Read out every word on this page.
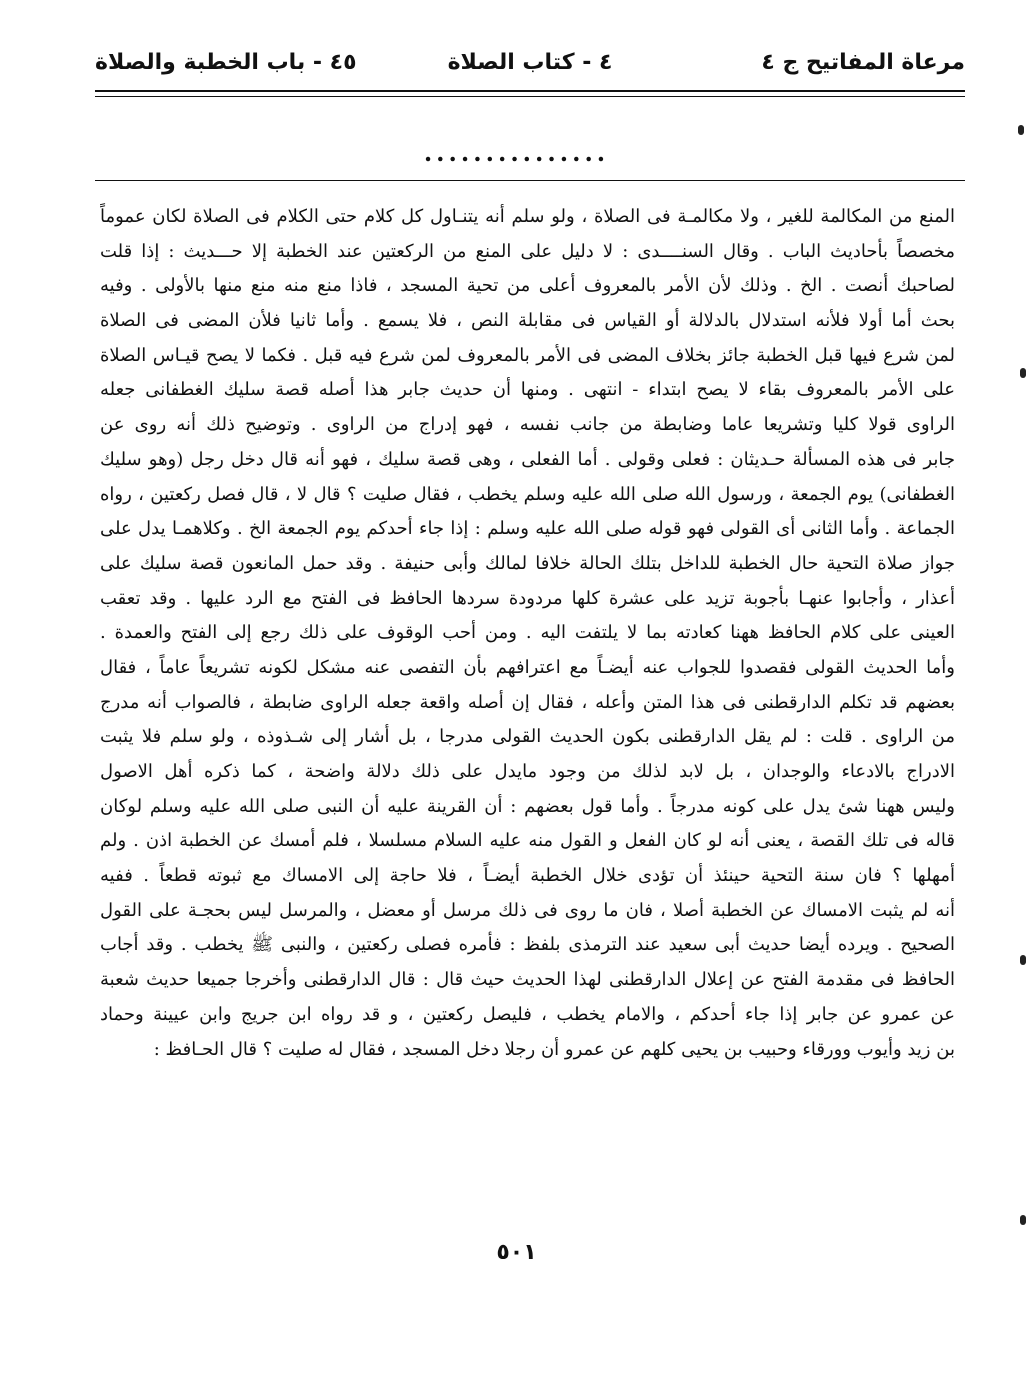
مرعاة المفاتيح ج ٤
٤ - كتاب الصلاة
٤٥ - باب الخطبة والصلاة
...............
المنع من المكالمة للغير ، ولا مكالمـة فى الصلاة ، ولو سلم أنه يتنـاول كل كلام حتى الكلام فى الصلاة لكان عموماً
مخصصاً بأحاديث الباب . وقال السنــــدى : لا دليل على المنع من الركعتين عند الخطبة إلا حـــديث : إذا قلت
لصاحبك أنصت . الخ . وذلك لأن الأمر بالمعروف أعلى من تحية المسجد ، فاذا منع منه منع منها بالأولى . وفيه
بحث أما أولا فلأنه استدلال بالدلالة أو القياس فى مقابلة النص ، فلا يسمع . وأما ثانيا فلأن المضى فى الصلاة
لمن شرع فيها قبل الخطبة جائز بخلاف المضى فى الأمر بالمعروف لمن شرع فيه قبل . فكما لا يصح قيـاس الصلاة
على الأمر بالمعروف بقاء لا يصح ابتداء - انتهى . ومنها أن حديث جابر هذا أصله قصة سليك الغطفانى جعله
الراوى قولا كليا وتشريعا عاما وضابطة من جانب نفسه ، فهو إدراج من الراوى . وتوضيح ذلك أنه روى عن
جابر فى هذه المسألة حـديثان : فعلى وقولى . أما الفعلى ، وهى قصة سليك ، فهو أنه قال دخل رجل (وهو سليك
الغطفانى) يوم الجمعة ، ورسول الله صلى الله عليه وسلم يخطب ، فقال صليت ؟ قال لا ، قال فصل ركعتين ، رواه
الجماعة . وأما الثانى أى القولى فهو قوله صلى الله عليه وسلم : إذا جاء أحدكم يوم الجمعة الخ . وكلاهمـا يدل على
جواز صلاة التحية حال الخطبة للداخل بتلك الحالة خلافا لمالك وأبى حنيفة . وقد حمل المانعون قصة سليك على
أعذار ، وأجابوا عنهـا بأجوبة تزيد على عشرة كلها مردودة سردها الحافظ فى الفتح مع الرد عليها . وقد تعقب
العينى على كلام الحافظ ههنا كعادته بما لا يلتفت اليه . ومن أحب الوقوف على ذلك رجع إلى الفتح والعمدة .
وأما الحديث القولى فقصدوا للجواب عنه أيضـاً مع اعترافهم بأن التفصى عنه مشكل لكونه تشريعاً عاماً ، فقال
بعضهم قد تكلم الدارقطنى فى هذا المتن وأعله ، فقال إن أصله واقعة جعله الراوى ضابطة ، فالصواب أنه مدرج
من الراوى . قلت : لم يقل الدارقطنى بكون الحديث القولى مدرجا ، بل أشار إلى شـذوذه ، ولو سلم فلا يثبت
الادراج بالادعاء والوجدان ، بل لابد لذلك من وجود مايدل على ذلك دلالة واضحة ، كما ذكره أهل الاصول
وليس ههنا شئ يدل على كونه مدرجاً . وأما قول بعضهم : أن القرينة عليه أن النبى صلى الله عليه وسلم لوكان
قاله فى تلك القصة ، يعنى أنه لو كان الفعل و القول منه عليه السلام مسلسلا ، فلم أمسك عن الخطبة اذن . ولم
أمهلها ؟ فان سنة التحية حينئذ أن تؤدى خلال الخطبة أيضـاً ، فلا حاجة إلى الامساك مع ثبوته قطعاً . ففيه
أنه لم يثبت الامساك عن الخطبة أصلا ، فان ما روى فى ذلك مرسل أو معضل ، والمرسل ليس بحجـة على القول
الصحيح . ويرده أيضا حديث أبى سعيد عند الترمذى بلفظ : فأمره فصلى ركعتين ، والنبى ﷺ يخطب . وقد أجاب
الحافظ فى مقدمة الفتح عن إعلال الدارقطنى لهذا الحديث حيث قال : قال الدارقطنى وأخرجا جميعا حديث شعبة
عن عمرو عن جابر إذا جاء أحدكم ، والامام يخطب ، فليصل ركعتين ، و قد رواه ابن جريج وابن عيينة وحماد
بن زيد وأيوب وورقاء وحبيب بن يحيى كلهم عن عمرو أن رجلا دخل المسجد ، فقال له صليت ؟ قال الحـافظ :
٥٠١
